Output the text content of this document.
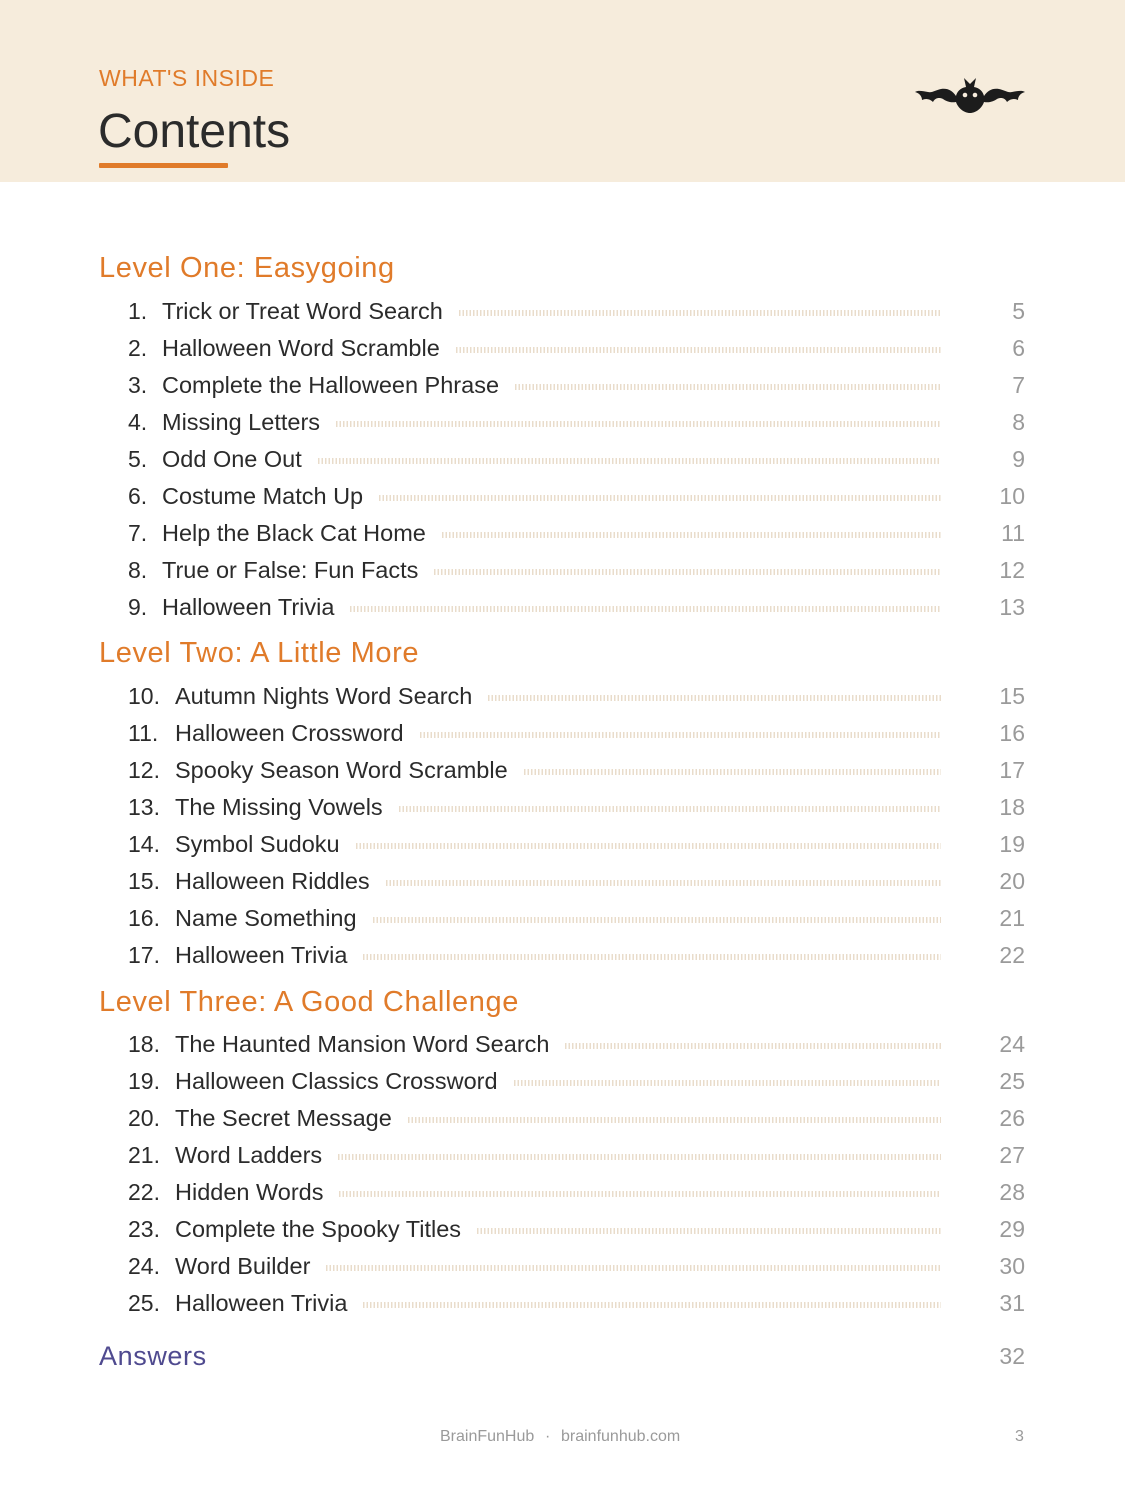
WHAT'S INSIDE
Contents
Level One: Easygoing
1. Trick or Treat Word Search	5
2. Halloween Word Scramble	6
3. Complete the Halloween Phrase	7
4. Missing Letters	8
5. Odd One Out	9
6. Costume Match Up	10
7. Help the Black Cat Home	11
8. True or False: Fun Facts	12
9. Halloween Trivia	13
Level Two: A Little More
10. Autumn Nights Word Search	15
11. Halloween Crossword	16
12. Spooky Season Word Scramble	17
13. The Missing Vowels	18
14. Symbol Sudoku	19
15. Halloween Riddles	20
16. Name Something	21
17. Halloween Trivia	22
Level Three: A Good Challenge
18. The Haunted Mansion Word Search	24
19. Halloween Classics Crossword	25
20. The Secret Message	26
21. Word Ladders	27
22. Hidden Words	28
23. Complete the Spooky Titles	29
24. Word Builder	30
25. Halloween Trivia	31
Answers	32
BrainFunHub · brainfunhub.com	3
